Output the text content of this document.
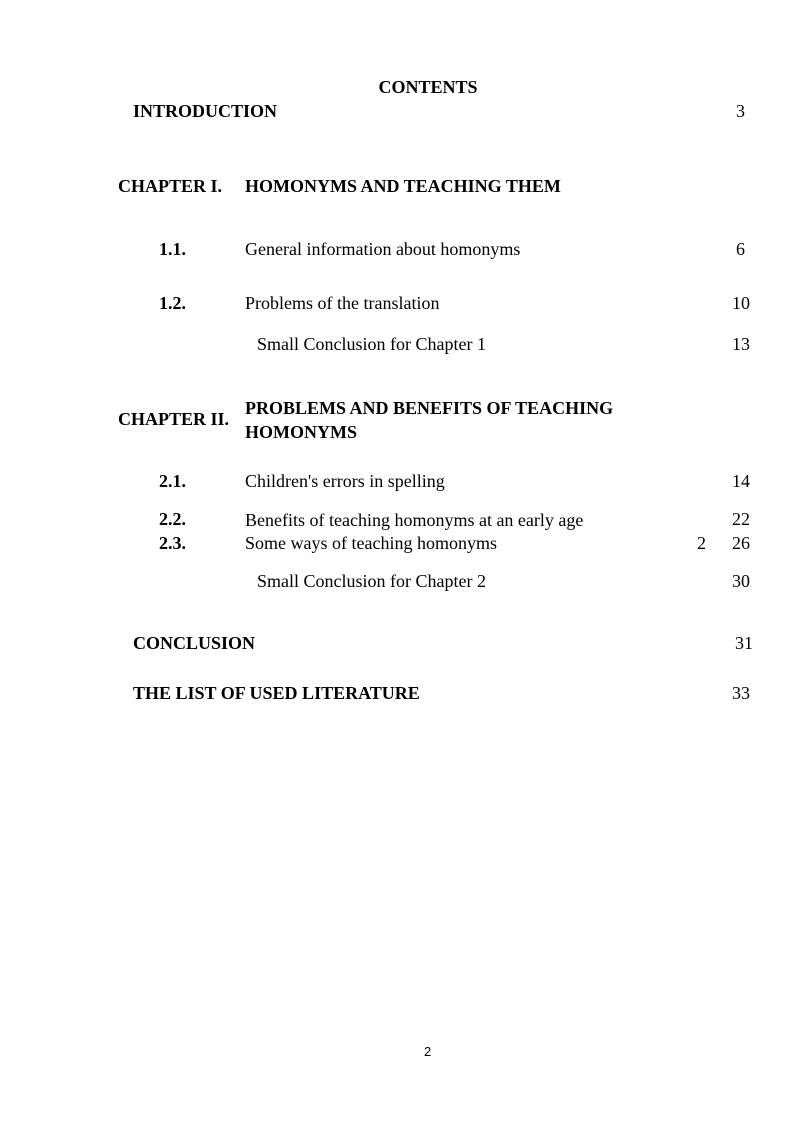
CONTENTS
INTRODUCTION	3
CHAPTER I. HOMONYMS AND TEACHING THEM
1.1.	General information about homonyms	6
1.2.	Problems of the translation	10
Small Conclusion for Chapter 1	13
CHAPTER II.
PROBLEMS AND BENEFITS OF TEACHING
HOMONYMS
2.1.	Children's errors in spelling	14
2.2.	Benefits of teaching homonyms at an early age	22
2.3.	Some ways of teaching homonyms	2	26
Small Conclusion for Chapter 2	30
CONCLUSION	31
THE LIST OF USED LITERATURE	33
2
